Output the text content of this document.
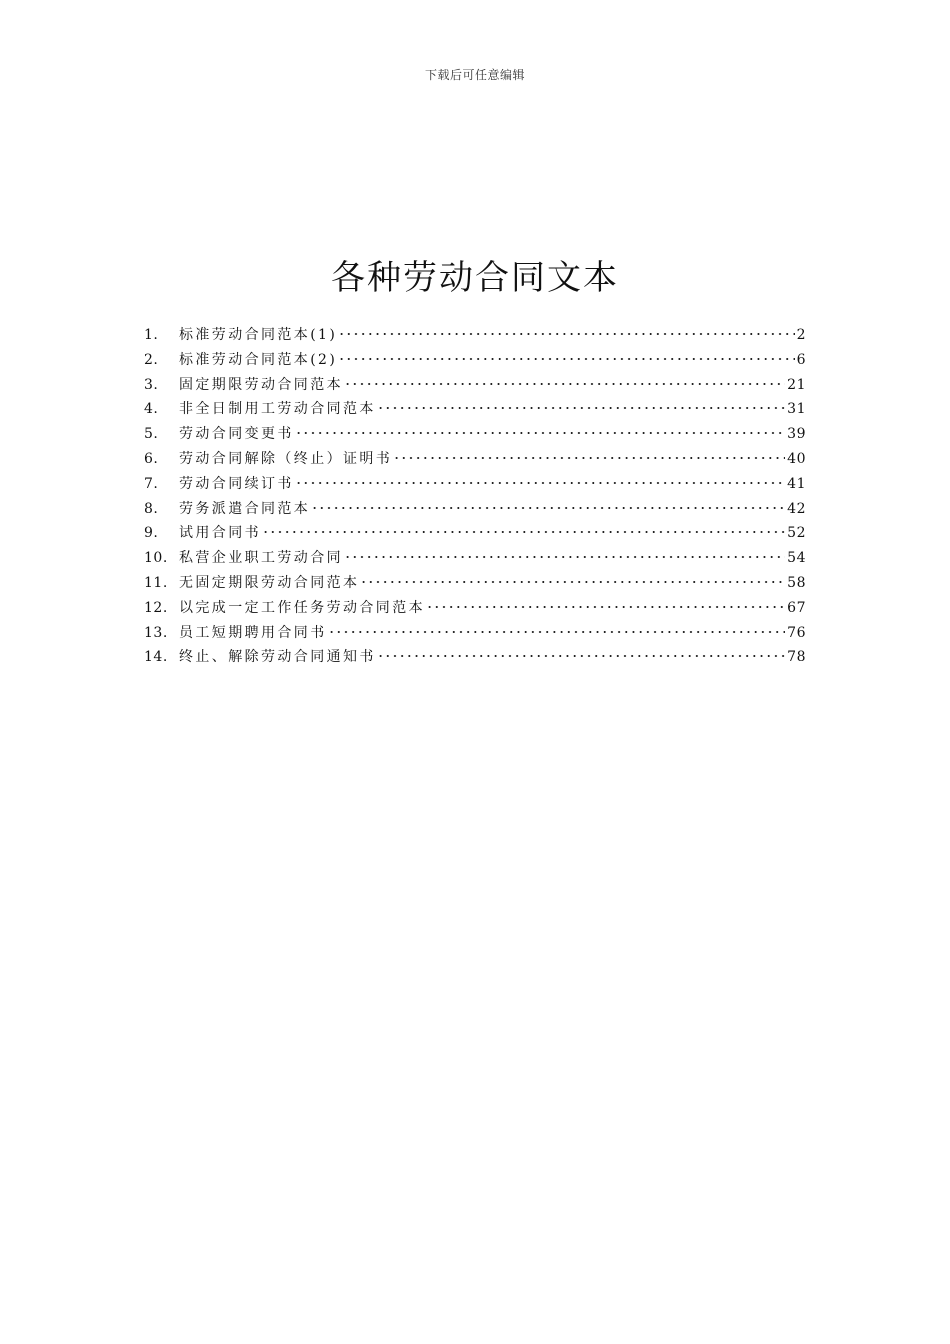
下载后可任意编辑
各种劳动合同文本
1.	标准劳动合同范本(1)	2
2.	标准劳动合同范本(2)	6
3.	固定期限劳动合同范本	21
4.	非全日制用工劳动合同范本	31
5.	劳动合同变更书	39
6.	劳动合同解除（终止）证明书	40
7.	劳动合同续订书	41
8.	劳务派遣合同范本	42
9.	试用合同书	52
10. 私营企业职工劳动合同	54
11. 无固定期限劳动合同范本	58
12. 以完成一定工作任务劳动合同范本	67
13. 员工短期聘用合同书	76
14. 终止、解除劳动合同通知书	78
